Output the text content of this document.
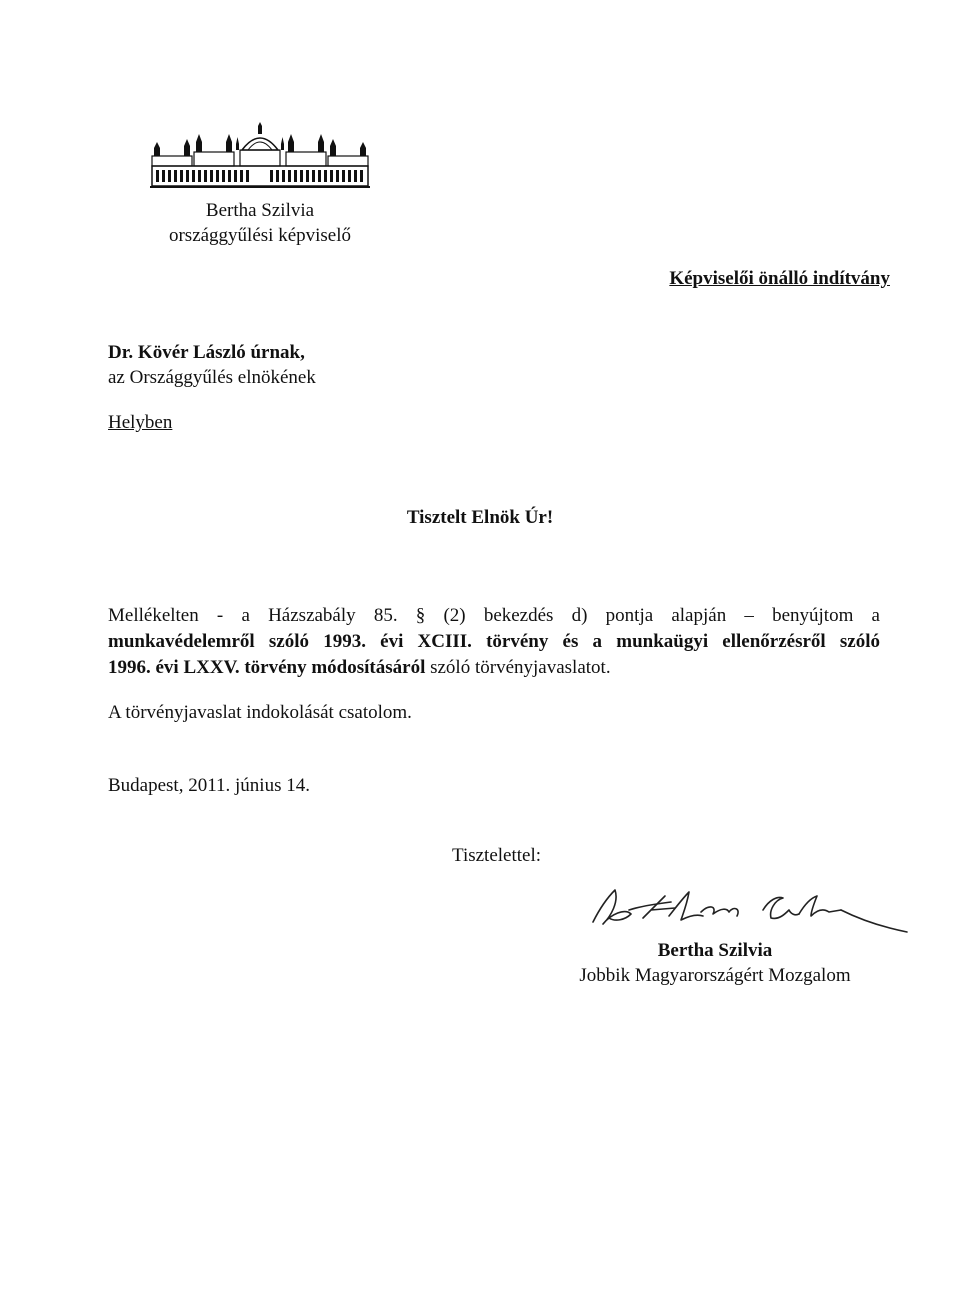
Bertha Szilvia
országgyűlési képviselő
Képviselői önálló indítvány
Dr. Kövér László úrnak,
az Országgyűlés elnökének
Helyben
Tisztelt Elnök Úr!
Mellékelten - a Házszabály 85. § (2) bekezdés d) pontja alapján – benyújtom a
munkavédelemről szóló 1993. évi XCIII. törvény és a munkaügyi ellenőrzésről szóló
1996. évi LXXV. törvény módosításáról szóló törvényjavaslatot.
A törvényjavaslat indokolását csatolom.
Budapest, 2011. június 14.
Tisztelettel:
Bertha Szilvia
Jobbik Magyarországért Mozgalom
